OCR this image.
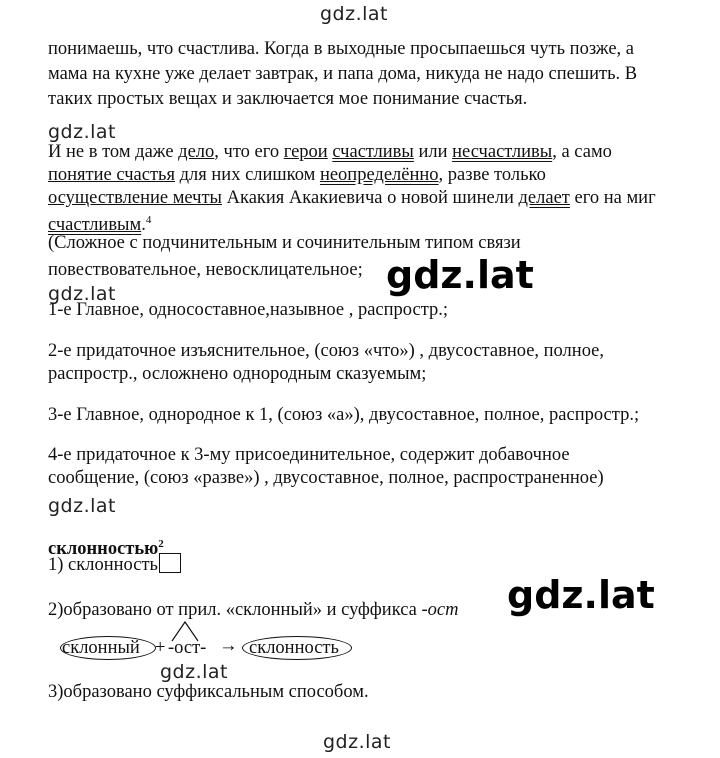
gdz.lat
gdz.lat
gdz.lat
gdz.lat
gdz.lat
gdz.lat
gdz.lat
gdz.lat
понимаешь, что счастлива. Когда в выходные просыпаешься чуть позже, а
мама на кухне уже делает завтрак, и папа дома, никуда не надо спешить. В
таких простых вещах и заключается мое понимание счастья.
И не в том даже дело, что его герои счастливы или несчастливы, а само
понятие счастья для них слишком неопределённо, разве только
осуществление мечты Акакия Акакиевича о новой шинели делает его на миг
счастливым.$^4$
(Сложное с подчинительным и сочинительным типом связи
повествовательное, невосклицательное;
1-е Главное, односоставное,назывное , распростр.;
2-е придаточное изъяснительное, (союз «что») , двусоставное, полное,
распростр., осложнено однородным сказуемым;
3-е Главное, однородное к 1, (союз «а»), двусоставное, полное, распростр.;
4-е придаточное к 3-му присоединительное, содержит добавочное
сообщение, (союз «разве») , двусоставное, полное, распространенное)
склонностью$^2$
1) склонность
2)образовано от прил. «склонный» и суффикса -ост
склонный + -ост- → склонность
3)образовано суффиксальным способом.
